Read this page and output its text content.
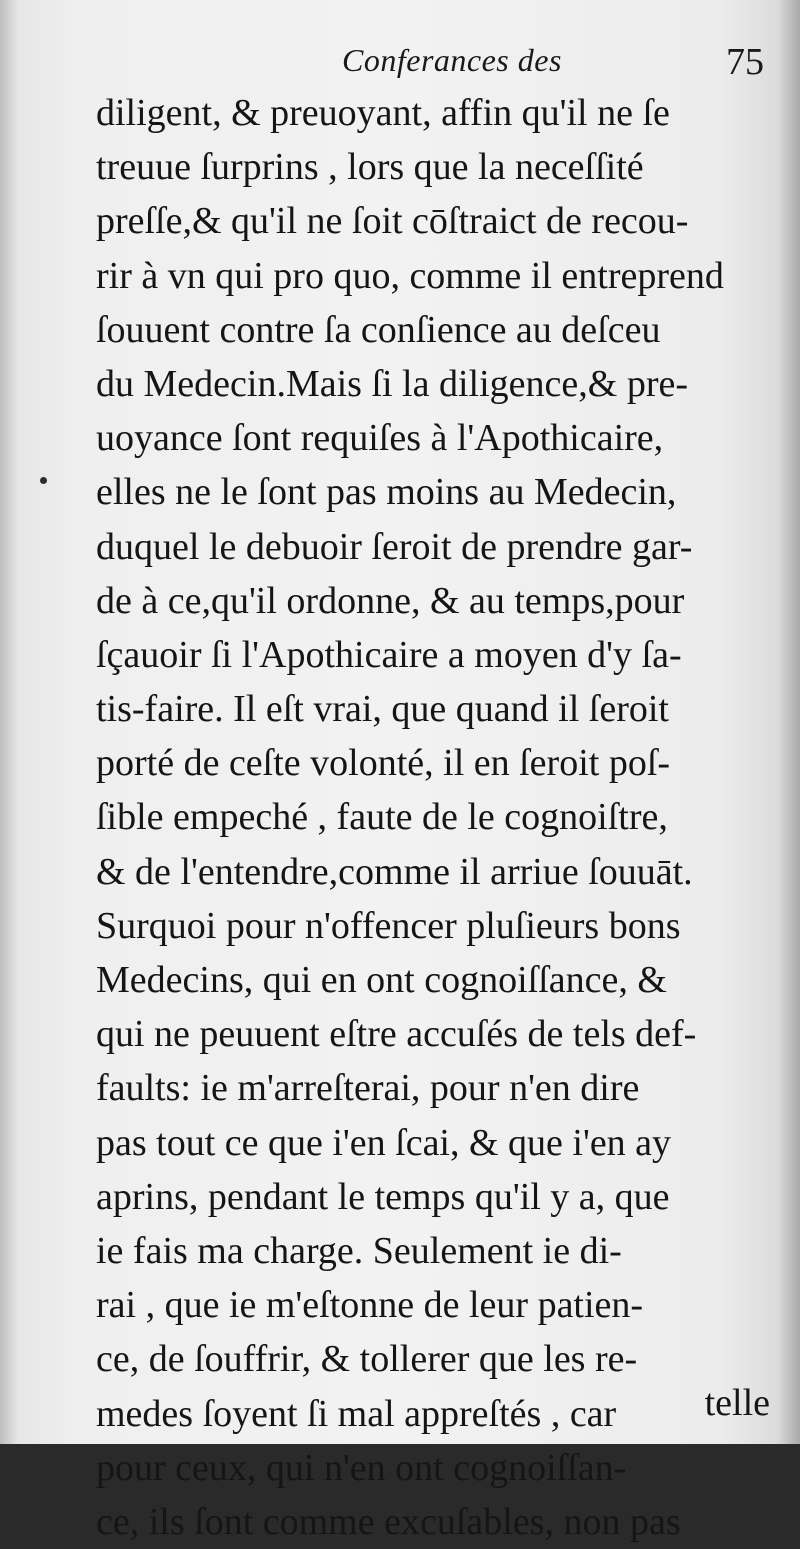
Conferances des	75
diligent, & preuoyant, affin qu'il ne ſe
treuue ſurprins , lors que la neceſſité
preſſe,& qu'il ne ſoit cōſtraict de recou-
rir à vn qui pro quo, comme il entreprend
ſouuent contre ſa conſience au deſceu
du Medecin.Mais ſi la diligence,& pre-
uoyance ſont requiſes à l'Apothicaire,
elles ne le ſont pas moins au Medecin,
duquel le debuoir ſeroit de prendre gar-
de à ce,qu'il ordonne, & au temps,pour
ſçauoir ſi l'Apothicaire a moyen d'y ſa-
tis-faire. Il eſt vrai, que quand il ſeroit
porté de ceſte volonté, il en ſeroit poſ-
ſible empeché , faute de le cognoiſtre,
& de l'entendre,comme il arriue ſouuāt.
Surquoi pour n'offencer pluſieurs bons
Medecins, qui en ont cognoiſſance, &
qui ne peuuent eſtre accuſés de tels def-
faults: ie m'arreſterai, pour n'en dire
pas tout ce que i'en ſcai, & que i'en ay
aprins, pendant le temps qu'il y a, que
ie fais ma charge. Seulement ie di-
rai , que ie m'eſtonne de leur patien-
ce, de ſouffrir, & tollerer que les re-
medes ſoyent ſi mal appreſtés , car
pour ceux, qui n'en ont cognoiſſan-
ce, ils ſont comme excuſables, non pas
telle
